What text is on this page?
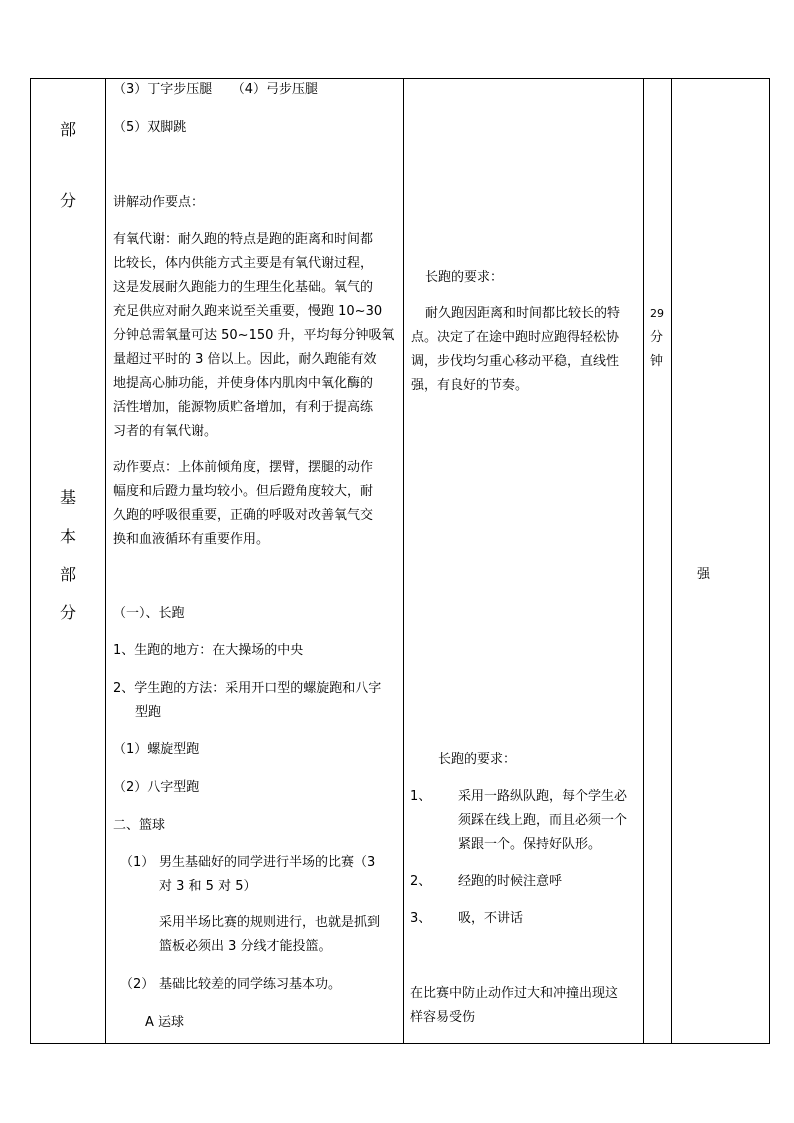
部
分
基
本
部
分
（3）丁字步压腿　　（4）弓步压腿
（5）双脚跳
讲解动作要点：
有氧代谢：耐久跑的特点是跑的距离和时间都
比较长，体内供能方式主要是有氧代谢过程，
这是发展耐久跑能力的生理生化基础。氧气的
充足供应对耐久跑来说至关重要，慢跑 10~30
分钟总需氧量可达 50~150 升，平均每分钟吸氧
量超过平时的 3 倍以上。因此，耐久跑能有效
地提高心肺功能，并使身体内肌肉中氧化酶的
活性增加，能源物质贮备增加，有利于提高练
习者的有氧代谢。
动作要点：上体前倾角度，摆臂，摆腿的动作
幅度和后蹬力量均较小。但后蹬角度较大，耐
久跑的呼吸很重要，正确的呼吸对改善氧气交
换和血液循环有重要作用。
（一）、长跑
1、生跑的地方：在大操场的中央
2、学生跑的方法：采用开口型的螺旋跑和八字
型跑
（1）螺旋型跑
（2）八字型跑
二、篮球
（1） 男生基础好的同学进行半场的比赛（3
对 3 和 5 对 5）
采用半场比赛的规则进行，也就是抓到
篮板必须出 3 分线才能投篮。
（2） 基础比较差的同学练习基本功。
A 运球
长跑的要求：
耐久跑因距离和时间都比较长的特
点。决定了在途中跑时应跑得轻松协
调，步伐均匀重心移动平稳，直线性
强，有良好的节奏。
长跑的要求：
1、 采用一路纵队跑，每个学生必
须踩在线上跑，而且必须一个
紧跟一个。保持好队形。
2、 经跑的时候注意呼
3、 吸，不讲话
在比赛中防止动作过大和冲撞出现这
样容易受伤
29
分
钟
强
